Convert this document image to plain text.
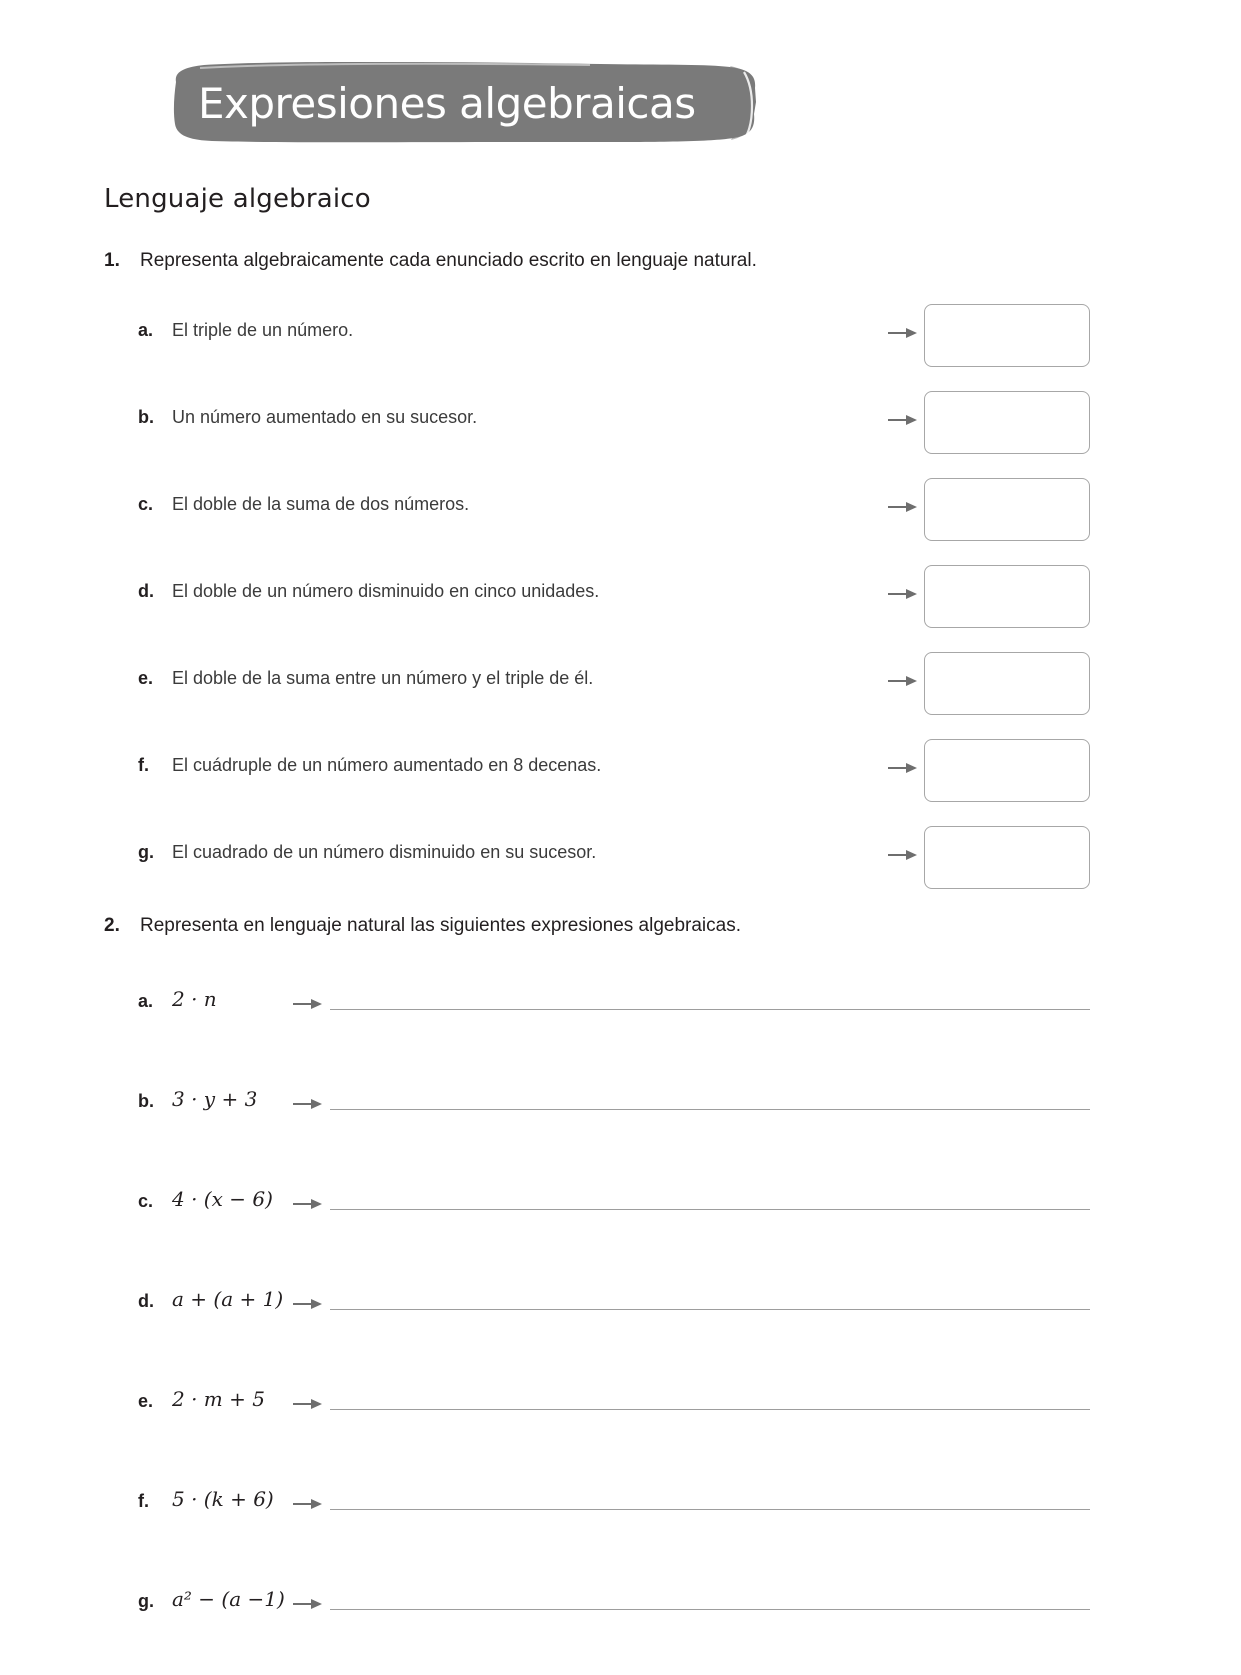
Expresiones algebraicas
Lenguaje algebraico
1. Representa algebraicamente cada enunciado escrito en lenguaje natural.
a. El triple de un número.
b. Un número aumentado en su sucesor.
c. El doble de la suma de dos números.
d. El doble de un número disminuido en cinco unidades.
e. El doble de la suma entre un número y el triple de él.
f. El cuádruple de un número aumentado en 8 decenas.
g. El cuadrado de un número disminuido en su sucesor.
2. Representa en lenguaje natural las siguientes expresiones algebraicas.
a. 2 · n
b. 3 · y + 3
c. 4 · (x − 6)
d. a + (a + 1)
e. 2 · m + 5
f. 5 · (k + 6)
g. a² − (a −1)
